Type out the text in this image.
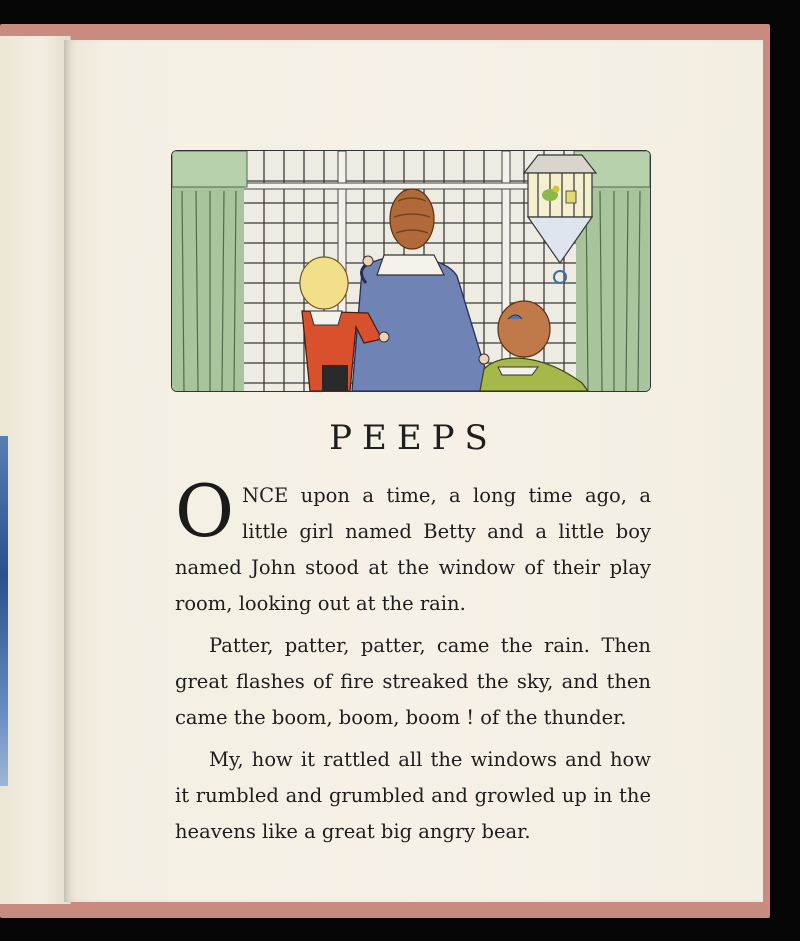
PEEPS

ONCE upon a time, a long time ago, a little girl named Betty and a little boy named John stood at the window of their play room, looking out at the rain.

Patter, patter, patter, came the rain. Then great flashes of fire streaked the sky, and then came the boom, boom, boom ! of the thunder.

My, how it rattled all the windows and how it rumbled and grumbled and growled up in the heavens like a great big angry bear.
